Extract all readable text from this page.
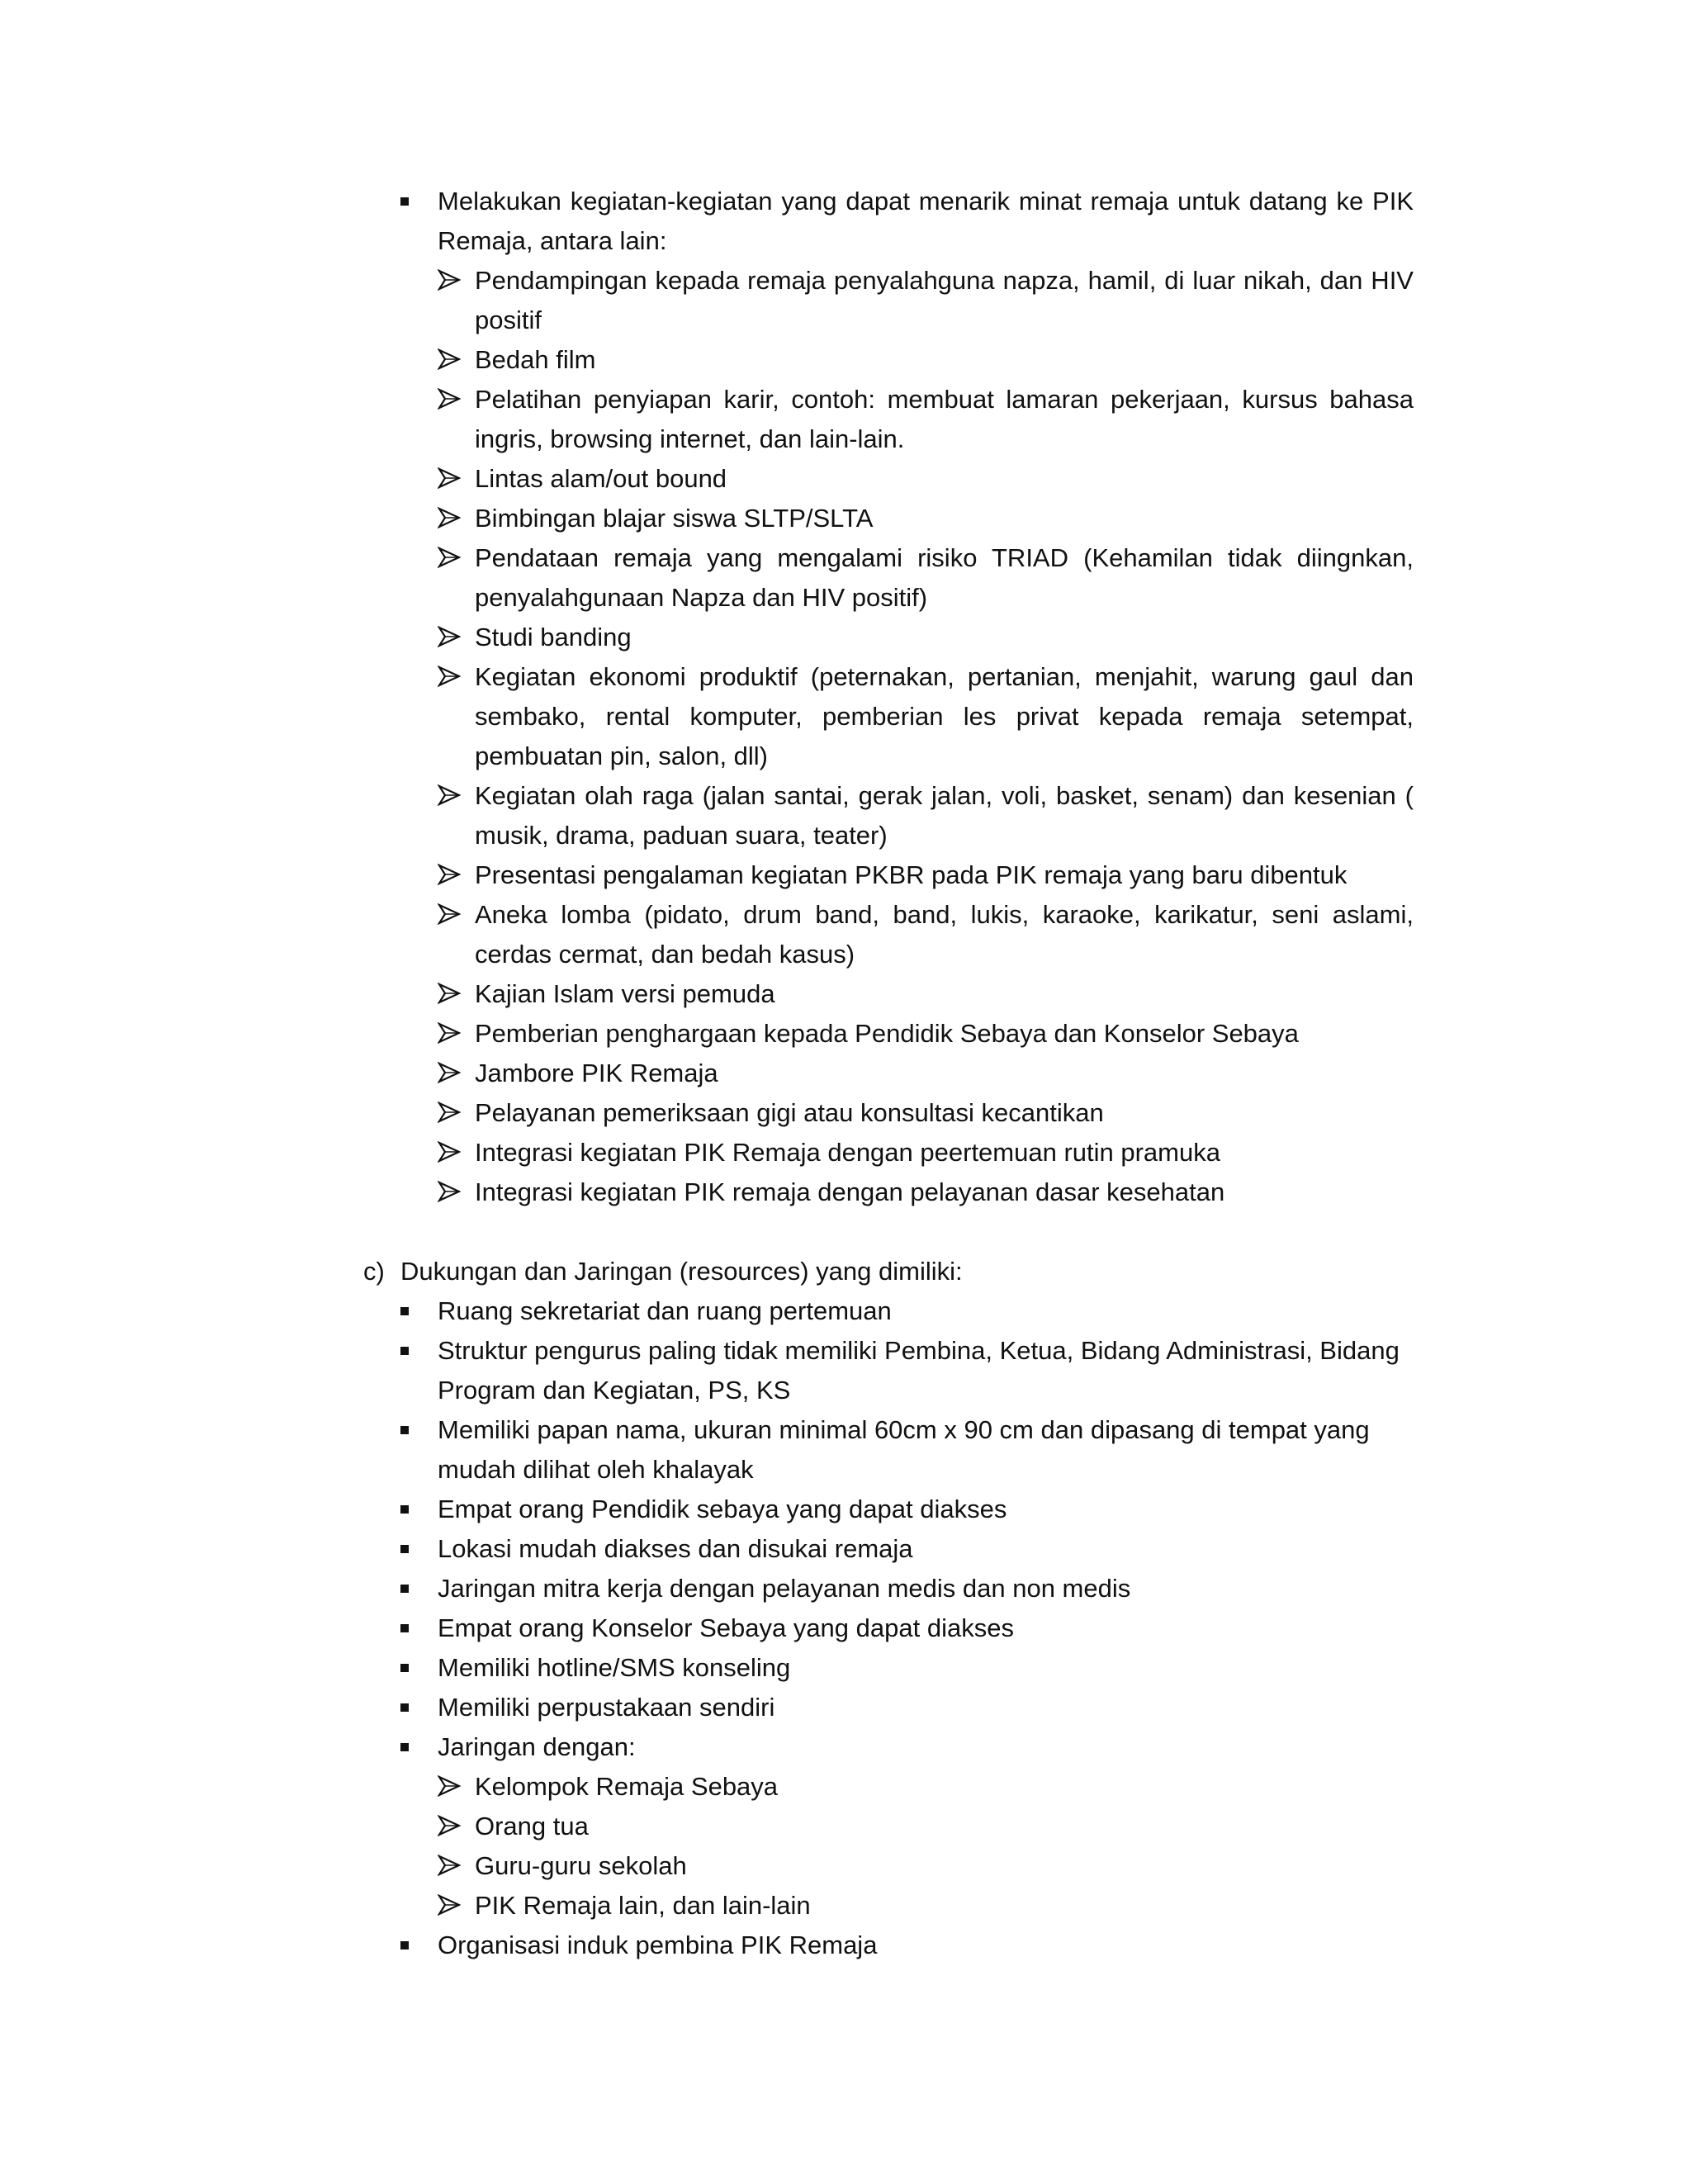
Melakukan kegiatan-kegiatan yang dapat menarik minat remaja untuk datang ke PIK Remaja, antara lain:
Pendampingan kepada remaja penyalahguna napza, hamil, di luar nikah, dan HIV positif
Bedah film
Pelatihan penyiapan karir, contoh: membuat lamaran pekerjaan, kursus bahasa ingris, browsing internet, dan lain-lain.
Lintas alam/out bound
Bimbingan blajar siswa SLTP/SLTA
Pendataan remaja yang mengalami risiko TRIAD (Kehamilan tidak diingnkan, penyalahgunaan Napza dan HIV positif)
Studi banding
Kegiatan ekonomi produktif (peternakan, pertanian, menjahit, warung gaul dan sembako, rental komputer, pemberian les privat kepada remaja setempat, pembuatan pin, salon, dll)
Kegiatan olah raga (jalan santai, gerak jalan, voli, basket, senam) dan kesenian ( musik, drama, paduan suara, teater)
Presentasi pengalaman kegiatan PKBR pada PIK remaja yang baru dibentuk
Aneka lomba (pidato, drum band, band, lukis, karaoke, karikatur, seni aslami, cerdas cermat, dan bedah kasus)
Kajian Islam versi pemuda
Pemberian penghargaan kepada Pendidik Sebaya dan Konselor Sebaya
Jambore PIK Remaja
Pelayanan pemeriksaan gigi atau konsultasi kecantikan
Integrasi kegiatan PIK Remaja dengan peertemuan rutin pramuka
Integrasi kegiatan PIK remaja dengan pelayanan dasar kesehatan
c) Dukungan dan Jaringan (resources) yang dimiliki:
Ruang sekretariat dan ruang pertemuan
Struktur pengurus paling tidak memiliki Pembina, Ketua, Bidang Administrasi, Bidang Program dan Kegiatan, PS, KS
Memiliki papan nama, ukuran minimal 60cm x 90 cm dan dipasang di tempat yang mudah dilihat oleh khalayak
Empat orang Pendidik sebaya yang dapat diakses
Lokasi mudah diakses dan disukai remaja
Jaringan mitra kerja dengan pelayanan medis dan non medis
Empat orang Konselor Sebaya yang dapat diakses
Memiliki hotline/SMS konseling
Memiliki perpustakaan sendiri
Jaringan dengan:
Kelompok Remaja Sebaya
Orang tua
Guru-guru sekolah
PIK Remaja lain, dan lain-lain
Organisasi induk pembina PIK Remaja
